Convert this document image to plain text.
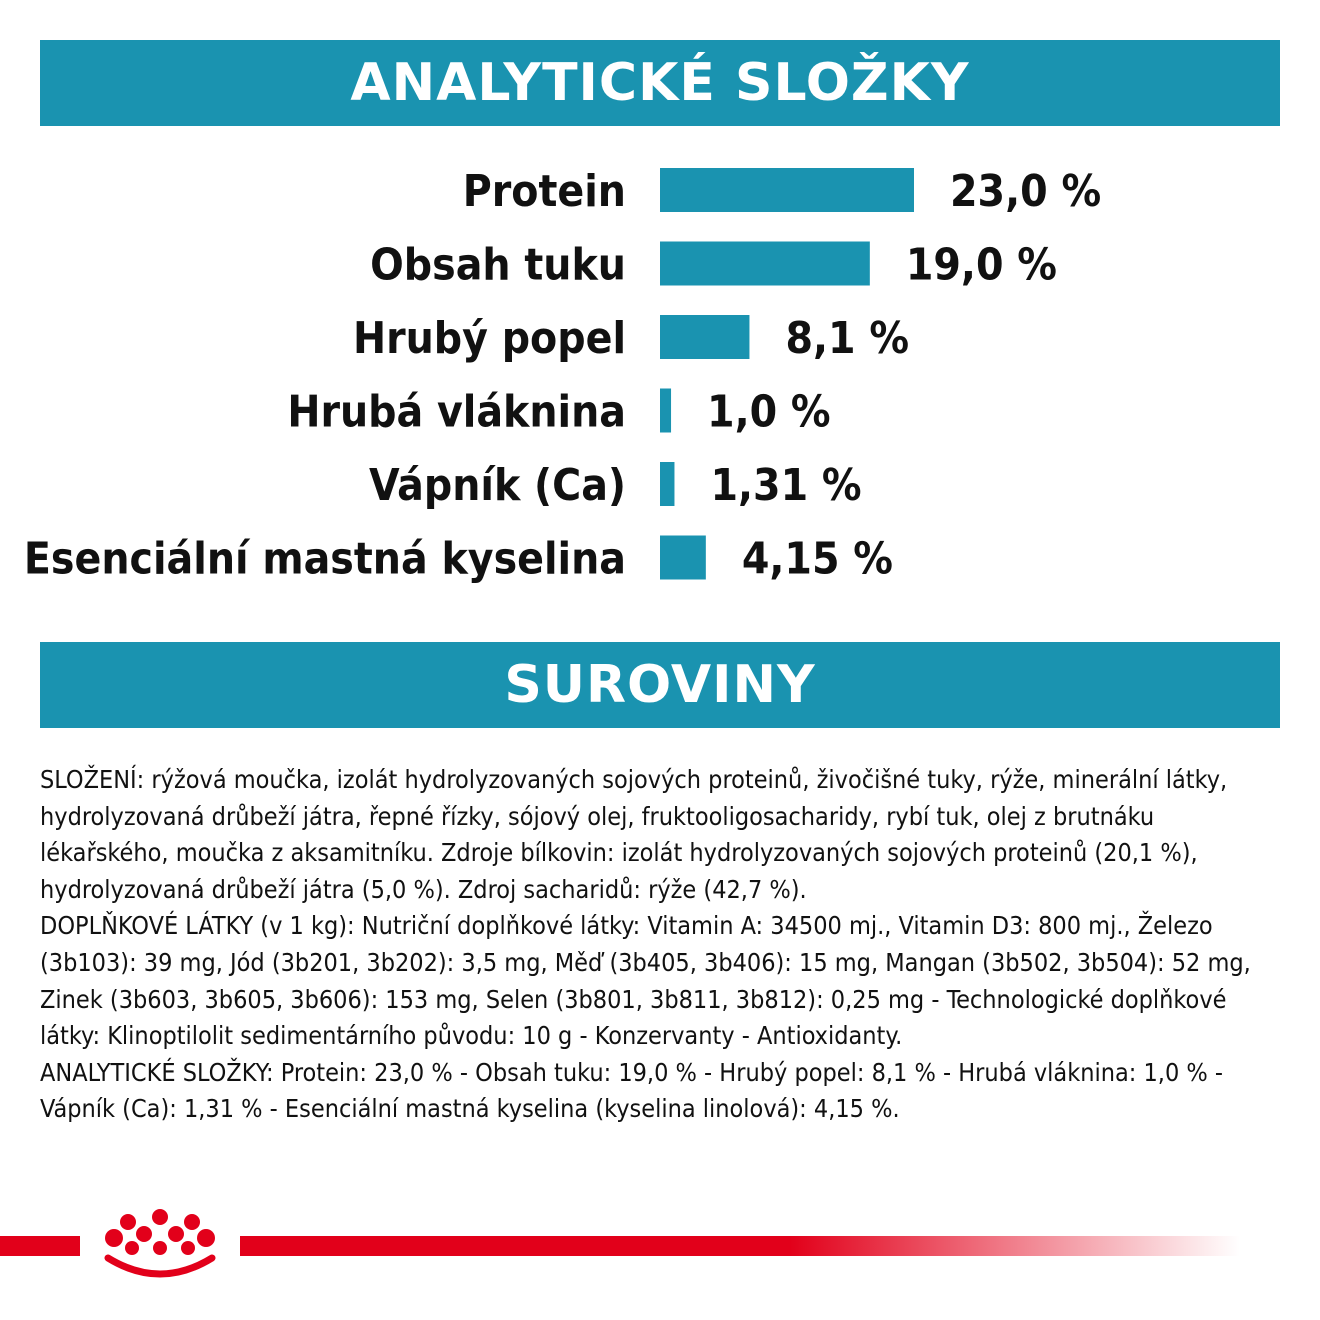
ANALYTICKÉ SLOŽKY
Protein	23,0 %
Obsah tuku	19,0 %
Hrubý popel	8,1 %
Hrubá vláknina 1,0 %
Vápník (Ca) 1,31 %
Esenciální mastná kyselina	4,15 %
SUROVINY

SLOŽENÍ: rýžová moučka, izolát hydrolyzovaných sojových proteinů, živočišné tuky, rýže, minerální látky, hydrolyzovaná drůbeží játra, řepné řízky, sójový olej, fruktooligosacharidy, rybí tuk, olej z brutnáku lékařského, moučka z aksamitníku. Zdroje bílkovin: izolát hydrolyzovaných sojových proteinů (20,1 %), hydrolyzovaná drůbeží játra (5,0 %). Zdroj sacharidů: rýže (42,7 %).

DOPLŇKOVÉ LÁTKY (v 1 kg): Nutriční doplňkové látky: Vitamin A: 34500 mj., Vitamin D3: 800 mj., Železo (3b103): 39 mg, Jód (3b201, 3b202): 3,5 mg, Měď (3b405, 3b406): 15 mg, Mangan (3b502, 3b504): 52 mg, Zinek (3b603, 3b605, 3b606): 153 mg, Selen (3b801, 3b811, 3b812): 0,25 mg - Technologické doplňkové látky: Klinoptilolit sedimentárního původu: 10 g - Konzervanty - Antioxidanty.

ANALYTICKÉ SLOŽKY: Protein: 23,0 % - Obsah tuku: 19,0 % - Hrubý popel: 8,1 % - Hrubá vláknina: 1,0 % - Vápník (Ca): 1,31 % - Esenciální mastná kyselina (kyselina linolová): 4,15 %.
